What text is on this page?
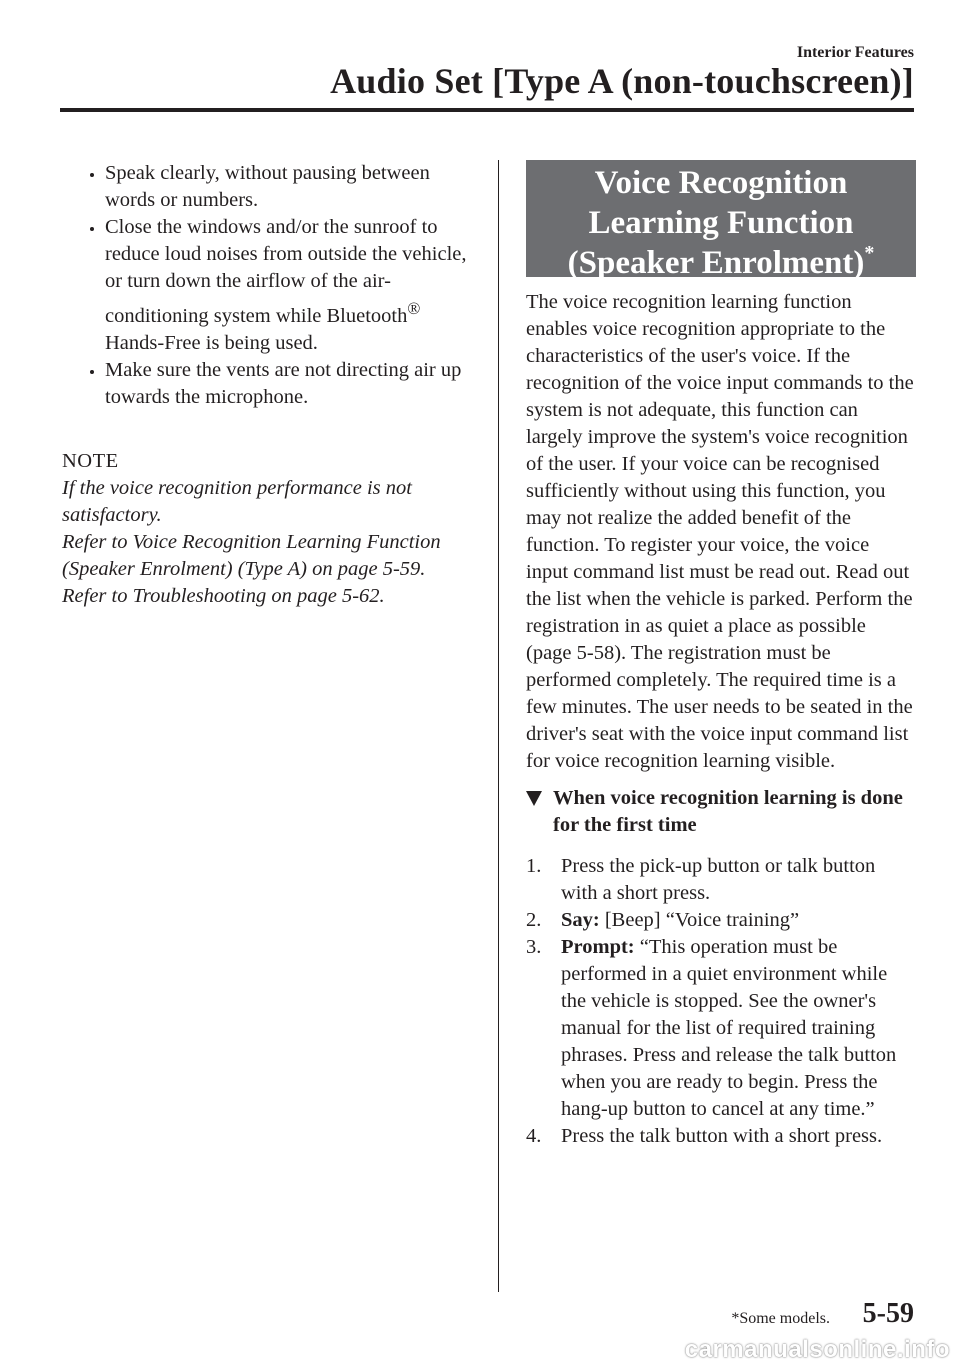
Interior Features
Audio Set [Type A (non-touchscreen)]
Speak clearly, without pausing between words or numbers.
Close the windows and/or the sunroof to reduce loud noises from outside the vehicle, or turn down the airflow of the air-conditioning system while Bluetooth® Hands-Free is being used.
Make sure the vents are not directing air up towards the microphone.
NOTE
If the voice recognition performance is not satisfactory.
Refer to Voice Recognition Learning Function (Speaker Enrolment) (Type A) on page 5-59.
Refer to Troubleshooting on page 5-62.
Voice Recognition
Learning Function
(Speaker Enrolment)*
The voice recognition learning function enables voice recognition appropriate to the characteristics of the user's voice. If the recognition of the voice input commands to the system is not adequate, this function can largely improve the system's voice recognition of the user. If your voice can be recognised sufficiently without using this function, you may not realize the added benefit of the function. To register your voice, the voice input command list must be read out. Read out the list when the vehicle is parked. Perform the registration in as quiet a place as possible (page 5-58). The registration must be performed completely. The required time is a few minutes. The user needs to be seated in the driver's seat with the voice input command list for voice recognition learning visible.
When voice recognition learning is done for the first time
1. Press the pick-up button or talk button with a short press.
2. Say: [Beep] “Voice training”
3. Prompt: “This operation must be performed in a quiet environment while the vehicle is stopped. See the owner's manual for the list of required training phrases. Press and release the talk button when you are ready to begin. Press the hang-up button to cancel at any time.”
4. Press the talk button with a short press.
*Some models. 5-59
carmanualsonline.info
